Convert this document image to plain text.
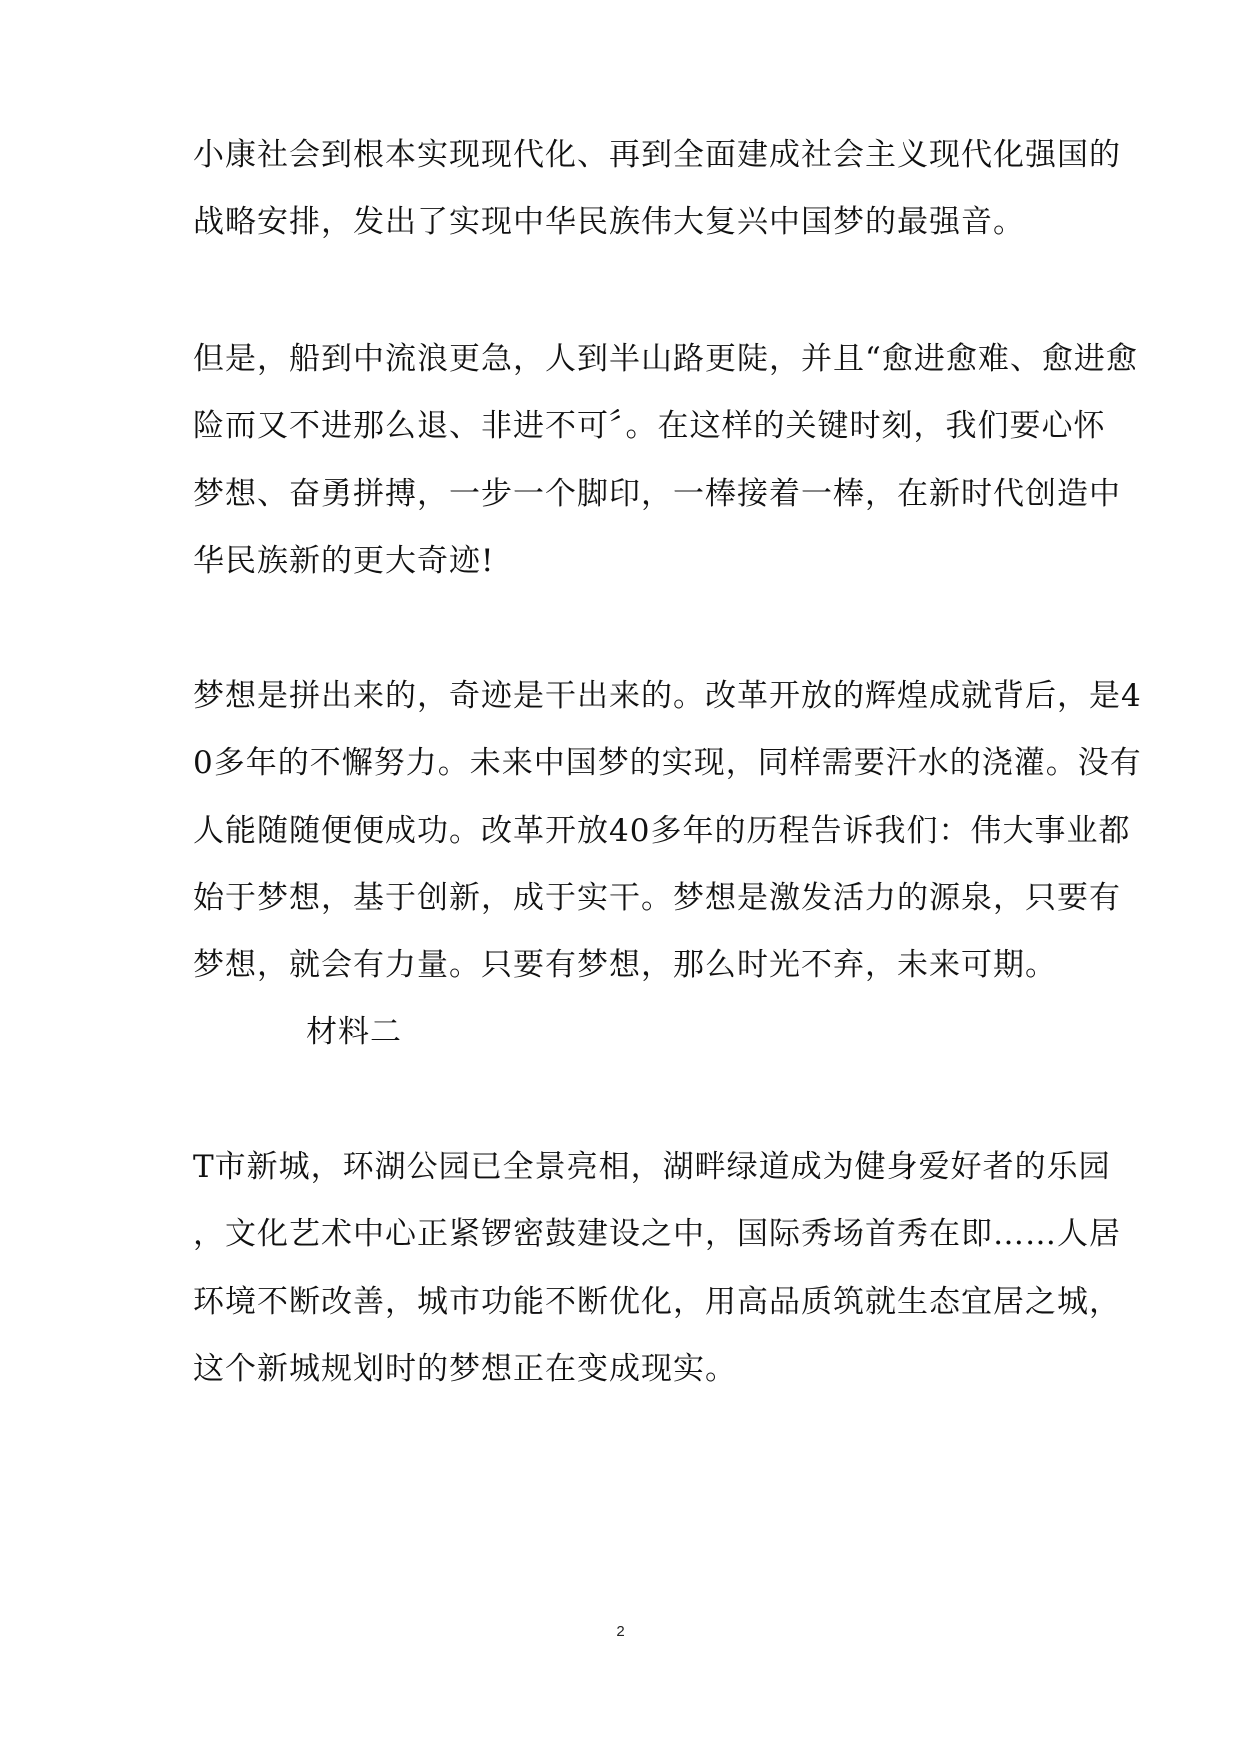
小康社会到根本实现现代化、再到全面建成社会主义现代化强国的
战略安排，发出了实现中华民族伟大复兴中国梦的最强音。
但是，船到中流浪更急，人到半山路更陡，并且“愈进愈难、愈进愈
险而又不进那么退、非进不可〞。在这样的关键时刻，我们要心怀
梦想、奋勇拼搏，一步一个脚印，一棒接着一棒，在新时代创造中
华民族新的更大奇迹!
梦想是拼出来的，奇迹是干出来的。改革开放的辉煌成就背后，是4
0多年的不懈努力。未来中国梦的实现，同样需要汗水的浇灌。没有
人能随随便便成功。改革开放40多年的历程告诉我们：伟大事业都
始于梦想，基于创新，成于实干。梦想是激发活力的源泉，只要有
梦想，就会有力量。只要有梦想，那么时光不弃，未来可期。
材料二
T市新城，环湖公园已全景亮相，湖畔绿道成为健身爱好者的乐园
，文化艺术中心正紧锣密鼓建设之中，国际秀场首秀在即……人居
环境不断改善，城市功能不断优化，用高品质筑就生态宜居之城，
这个新城规划时的梦想正在变成现实。
2
